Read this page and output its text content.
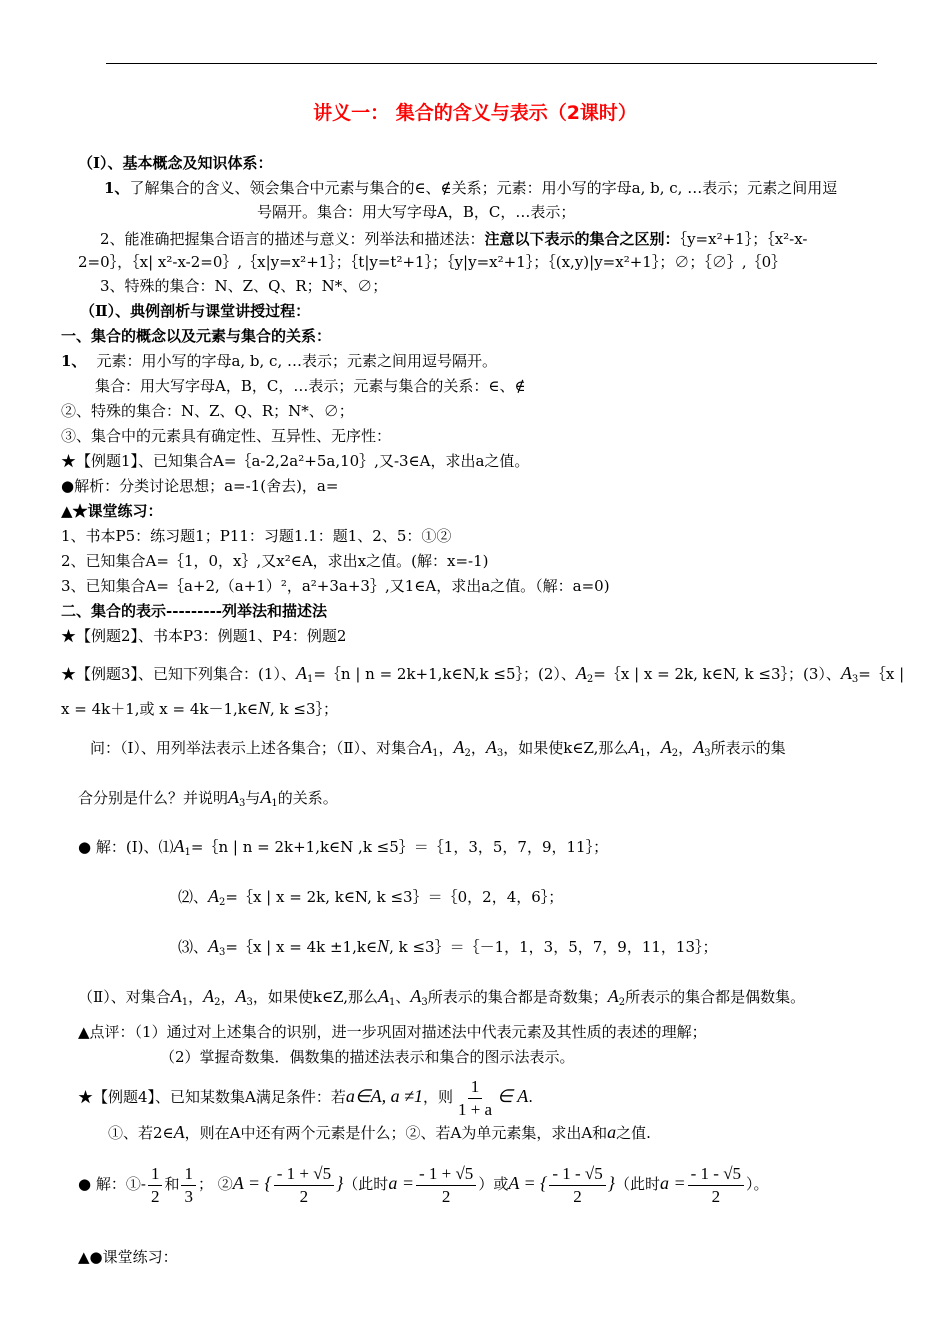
讲义一： 集合的含义与表示（2课时）
（Ⅰ）、基本概念及知识体系：
1、了解集合的含义、领会集合中元素与集合的∈、∉关系；元素：用小写的字母a, b, c, …表示；元素之间用逗
号隔开。集合：用大写字母A，B，C，…表示；
2、能准确把握集合语言的描述与意义：列举法和描述法：注意以下表示的集合之区别：｛y=x²+1｝；｛x²-x-
2=0｝，｛x| x²-x-2=0｝,｛x|y=x²+1｝；｛t|y=t²+1｝；｛y|y=x²+1｝；｛(x,y)|y=x²+1｝；∅；｛∅｝,｛0｝
3、特殊的集合：N、Z、Q、R；N*、∅；
（Ⅱ）、典例剖析与课堂讲授过程：
一、集合的概念以及元素与集合的关系：
1、 元素：用小写的字母a, b, c, …表示；元素之间用逗号隔开。
集合：用大写字母A，B，C，…表示；元素与集合的关系：∈、∉
②、特殊的集合：N、Z、Q、R；N*、∅；
③、集合中的元素具有确定性、互异性、无序性：
★【例题1】、已知集合A=｛a-2,2a²+5a,10｝,又-3∈A，求出a之值。
●解析：分类讨论思想；a=-1(舍去)，a=
▲★课堂练习：
1、书本P5：练习题1；P11：习题1.1：题1、2、5：①②
2、已知集合A=｛1，0，x｝,又x²∈A，求出x之值。(解：x=-1)
3、已知集合A=｛a+2,（a+1）²，a²+3a+3｝,又1∈A，求出a之值。（解：a=0)
二、集合的表示---------列举法和描述法
★【例题2】、书本P3：例题1、P4：例题2
★【例题3】、已知下列集合：(1）、$A_1=\{n$ | n = 2k+1,k∈N,k ≤5｝；(2）、$A_2=\{x$ | x = 2k, k∈N, k ≤3｝；(3）、$A_3=\{x$ |
x = 4k＋1,或 x = 4k－1,k∈N, k ≤3｝；
问：（Ⅰ）、用列举法表示上述各集合；（Ⅱ）、对集合$A_1$，$A_2$，$A_3$，如果使k∈Z,那么$A_1$，$A_2$，$A_3$所表示的集
合分别是什么？并说明$A_3$与$A_1$的关系。
● 解：(Ⅰ)、$⑴A_1=\{n$ | n = 2k+1,k∈N ,k ≤5｝＝｛1，3，5，7，9，11｝；
⑵、$A_2=\{x$ | x = 2k, k∈N, k ≤3｝＝｛0，2，4，6｝；
⑶、$A_3=\{x$ | x = 4k ±1,k∈N, k ≤3｝＝｛－1，1，3，5，7，9，11，13｝；
（Ⅱ）、对集合$A_1$，$A_2$，$A_3$，如果使k∈Z,那么$A_1$、$A_3$所表示的集合都是奇数集；$A_2$所表示的集合都是偶数集。
▲点评：（1）通过对上述集合的识别，进一步巩固对描述法中代表元素及其性质的表述的理解；
（2）掌握奇数集．偶数集的描述法表示和集合的图示法表示。
★【例题4】、已知某数集A满足条件：若a∈A, a ≠1，则 $\frac{1}{1 + a}$ ∈ A.
①、若2∈A，则在A中还有两个元素是什么；②、若A为单元素集，求出A和a之值.
● 解：①- $\frac{1}{2}$ 和 $\frac{1}{3}$ ； ②A = { $\frac{- 1 + √5}{2}$ }（此时$a = \frac{- 1 + √5}{2}$ ）或A = { $\frac{- 1 - √5}{2}$ }（此时$a = \frac{- 1 - √5}{2}$ ）。
▲●课堂练习：
